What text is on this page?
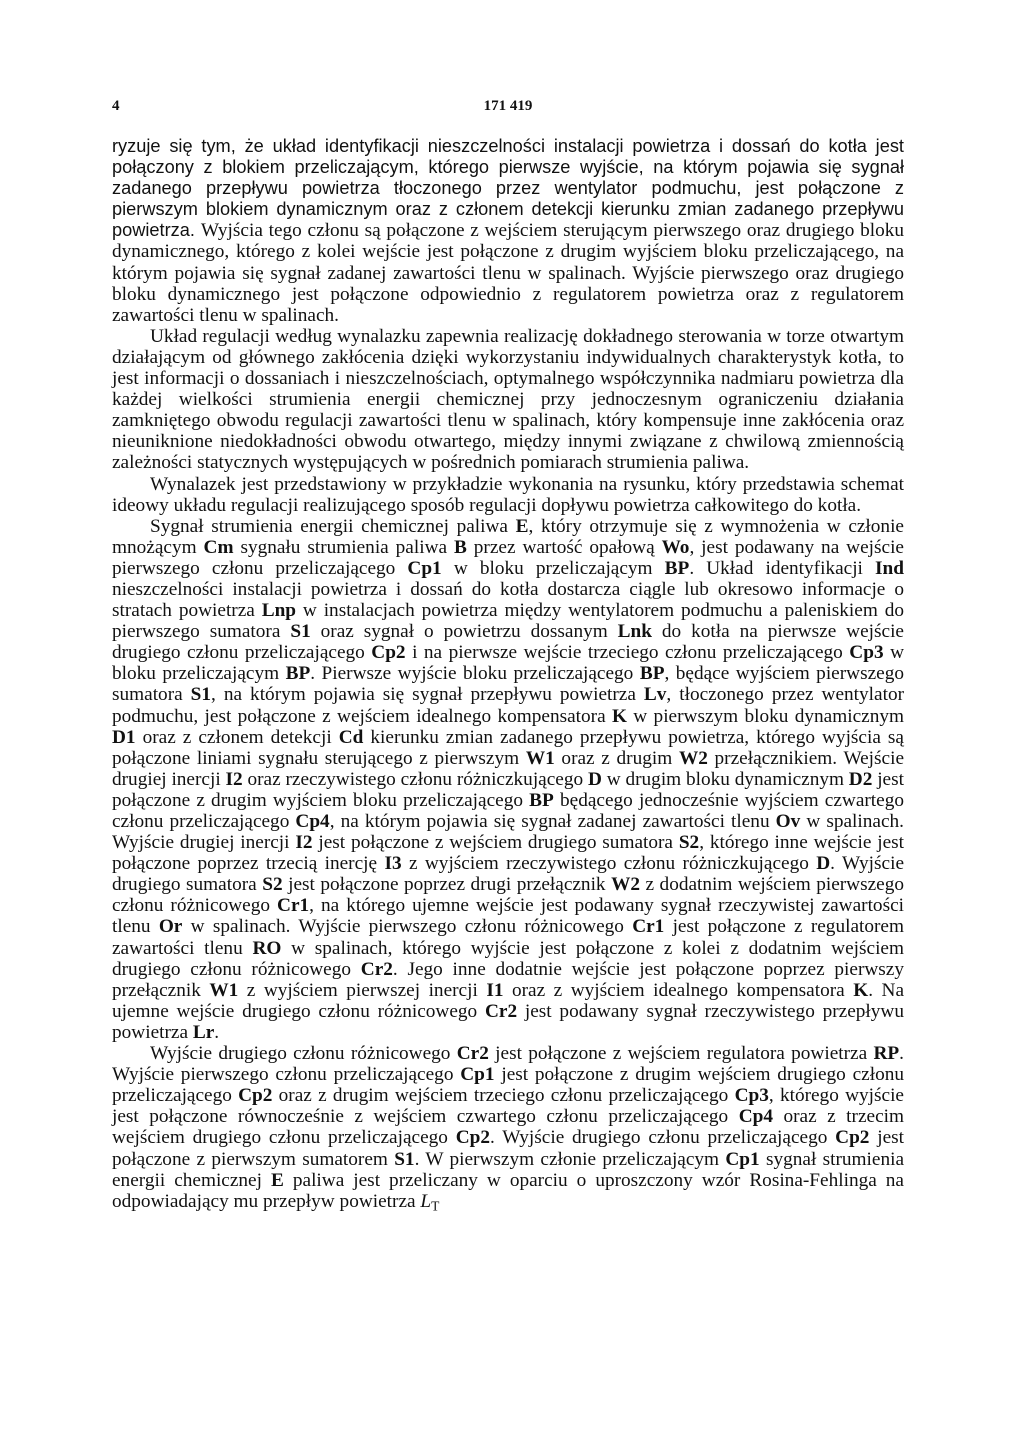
4	171 419

ryzuje się tym, że układ identyfikacji nieszczelności instalacji powietrza i dossań do kotła jest połączony z blokiem przeliczającym, którego pierwsze wyjście, na którym pojawia się sygnał zadanego przepływu powietrza tłoczonego przez wentylator podmuchu, jest połączone z pierwszym blokiem dynamicznym oraz z członem detekcji kierunku zmian zadanego przepływu powietrza. Wyjścia tego członu są połączone z wejściem sterującym pierwszego oraz drugiego bloku dynamicznego, którego z kolei wejście jest połączone z drugim wyjściem bloku przeliczającego, na którym pojawia się sygnał zadanej zawartości tlenu w spalinach. Wyjście pierwszego oraz drugiego bloku dynamicznego jest połączone odpowiednio z regulatorem powietrza oraz z regulatorem zawartości tlenu w spalinach.

Układ regulacji według wynalazku zapewnia realizację dokładnego sterowania w torze otwartym działającym od głównego zakłócenia dzięki wykorzystaniu indywidualnych charakterystyk kotła, to jest informacji o dossaniach i nieszczelnościach, optymalnego współczynnika nadmiaru powietrza dla każdej wielkości strumienia energii chemicznej przy jednoczesnym ograniczeniu działania zamkniętego obwodu regulacji zawartości tlenu w spalinach, który kompensuje inne zakłócenia oraz nieuniknione niedokładności obwodu otwartego, między innymi związane z chwilową zmiennością zależności statycznych występujących w pośrednich pomiarach strumienia paliwa.

Wynalazek jest przedstawiony w przykładzie wykonania na rysunku, który przedstawia schemat ideowy układu regulacji realizującego sposób regulacji dopływu powietrza całkowitego do kotła.

Sygnał strumienia energii chemicznej paliwa E, który otrzymuje się z wymnożenia w członie mnożącym Cm sygnału strumienia paliwa B przez wartość opałową Wo, jest podawany na wejście pierwszego członu przeliczającego Cp1 w bloku przeliczającym BP. Układ identyfikacji Ind nieszczelności instalacji powietrza i dossań do kotła dostarcza ciągle lub okresowo informacje o stratach powietrza Lnp w instalacjach powietrza między wentylatorem podmuchu a paleniskiem do pierwszego sumatora S1 oraz sygnał o powietrzu dossanym Lnk do kotła na pierwsze wejście drugiego członu przeliczającego Cp2 i na pierwsze wejście trzeciego członu przeliczającego Cp3 w bloku przeliczającym BP. Pierwsze wyjście bloku przeliczającego BP, będące wyjściem pierwszego sumatora S1, na którym pojawia się sygnał przepływu powietrza Lv, tłoczonego przez wentylator podmuchu, jest połączone z wejściem idealnego kompensatora K w pierwszym bloku dynamicznym D1 oraz z członem detekcji Cd kierunku zmian zadanego przepływu powietrza, którego wyjścia są połączone liniami sygnału sterującego z pierwszym W1 oraz z drugim W2 przełącznikiem. Wejście drugiej inercji I2 oraz rzeczywistego członu różniczkującego D w drugim bloku dynamicznym D2 jest połączone z drugim wyjściem bloku przeliczającego BP będącego jednocześnie wyjściem czwartego członu przeliczającego Cp4, na którym pojawia się sygnał zadanej zawartości tlenu Ov w spalinach. Wyjście drugiej inercji I2 jest połączone z wejściem drugiego sumatora S2, którego inne wejście jest połączone poprzez trzecią inercję I3 z wyjściem rzeczywistego członu różniczkującego D. Wyjście drugiego sumatora S2 jest połączone poprzez drugi przełącznik W2 z dodatnim wejściem pierwszego członu różnicowego Cr1, na którego ujemne wejście jest podawany sygnał rzeczywistej zawartości tlenu Or w spalinach. Wyjście pierwszego członu różnicowego Cr1 jest połączone z regulatorem zawartości tlenu RO w spalinach, którego wyjście jest połączone z kolei z dodatnim wejściem drugiego członu różnicowego Cr2. Jego inne dodatnie wejście jest połączone poprzez pierwszy przełącznik W1 z wyjściem pierwszej inercji I1 oraz z wyjściem idealnego kompensatora K. Na ujemne wejście drugiego członu różnicowego Cr2 jest podawany sygnał rzeczywistego przepływu powietrza Lr.

Wyjście drugiego członu różnicowego Cr2 jest połączone z wejściem regulatora powietrza RP. Wyjście pierwszego członu przeliczającego Cp1 jest połączone z drugim wejściem drugiego członu przeliczającego Cp2 oraz z drugim wejściem trzeciego członu przeliczającego Cp3, którego wyjście jest połączone równocześnie z wejściem czwartego członu przeliczającego Cp4 oraz z trzecim wejściem drugiego członu przeliczającego Cp2. Wyjście drugiego członu przeliczającego Cp2 jest połączone z pierwszym sumatorem S1. W pierwszym członie przeliczającym Cp1 sygnał strumienia energii chemicznej E paliwa jest przeliczany w oparciu o uproszczony wzór Rosina-Fehlinga na odpowiadający mu przepływ powietrza $L_T$
